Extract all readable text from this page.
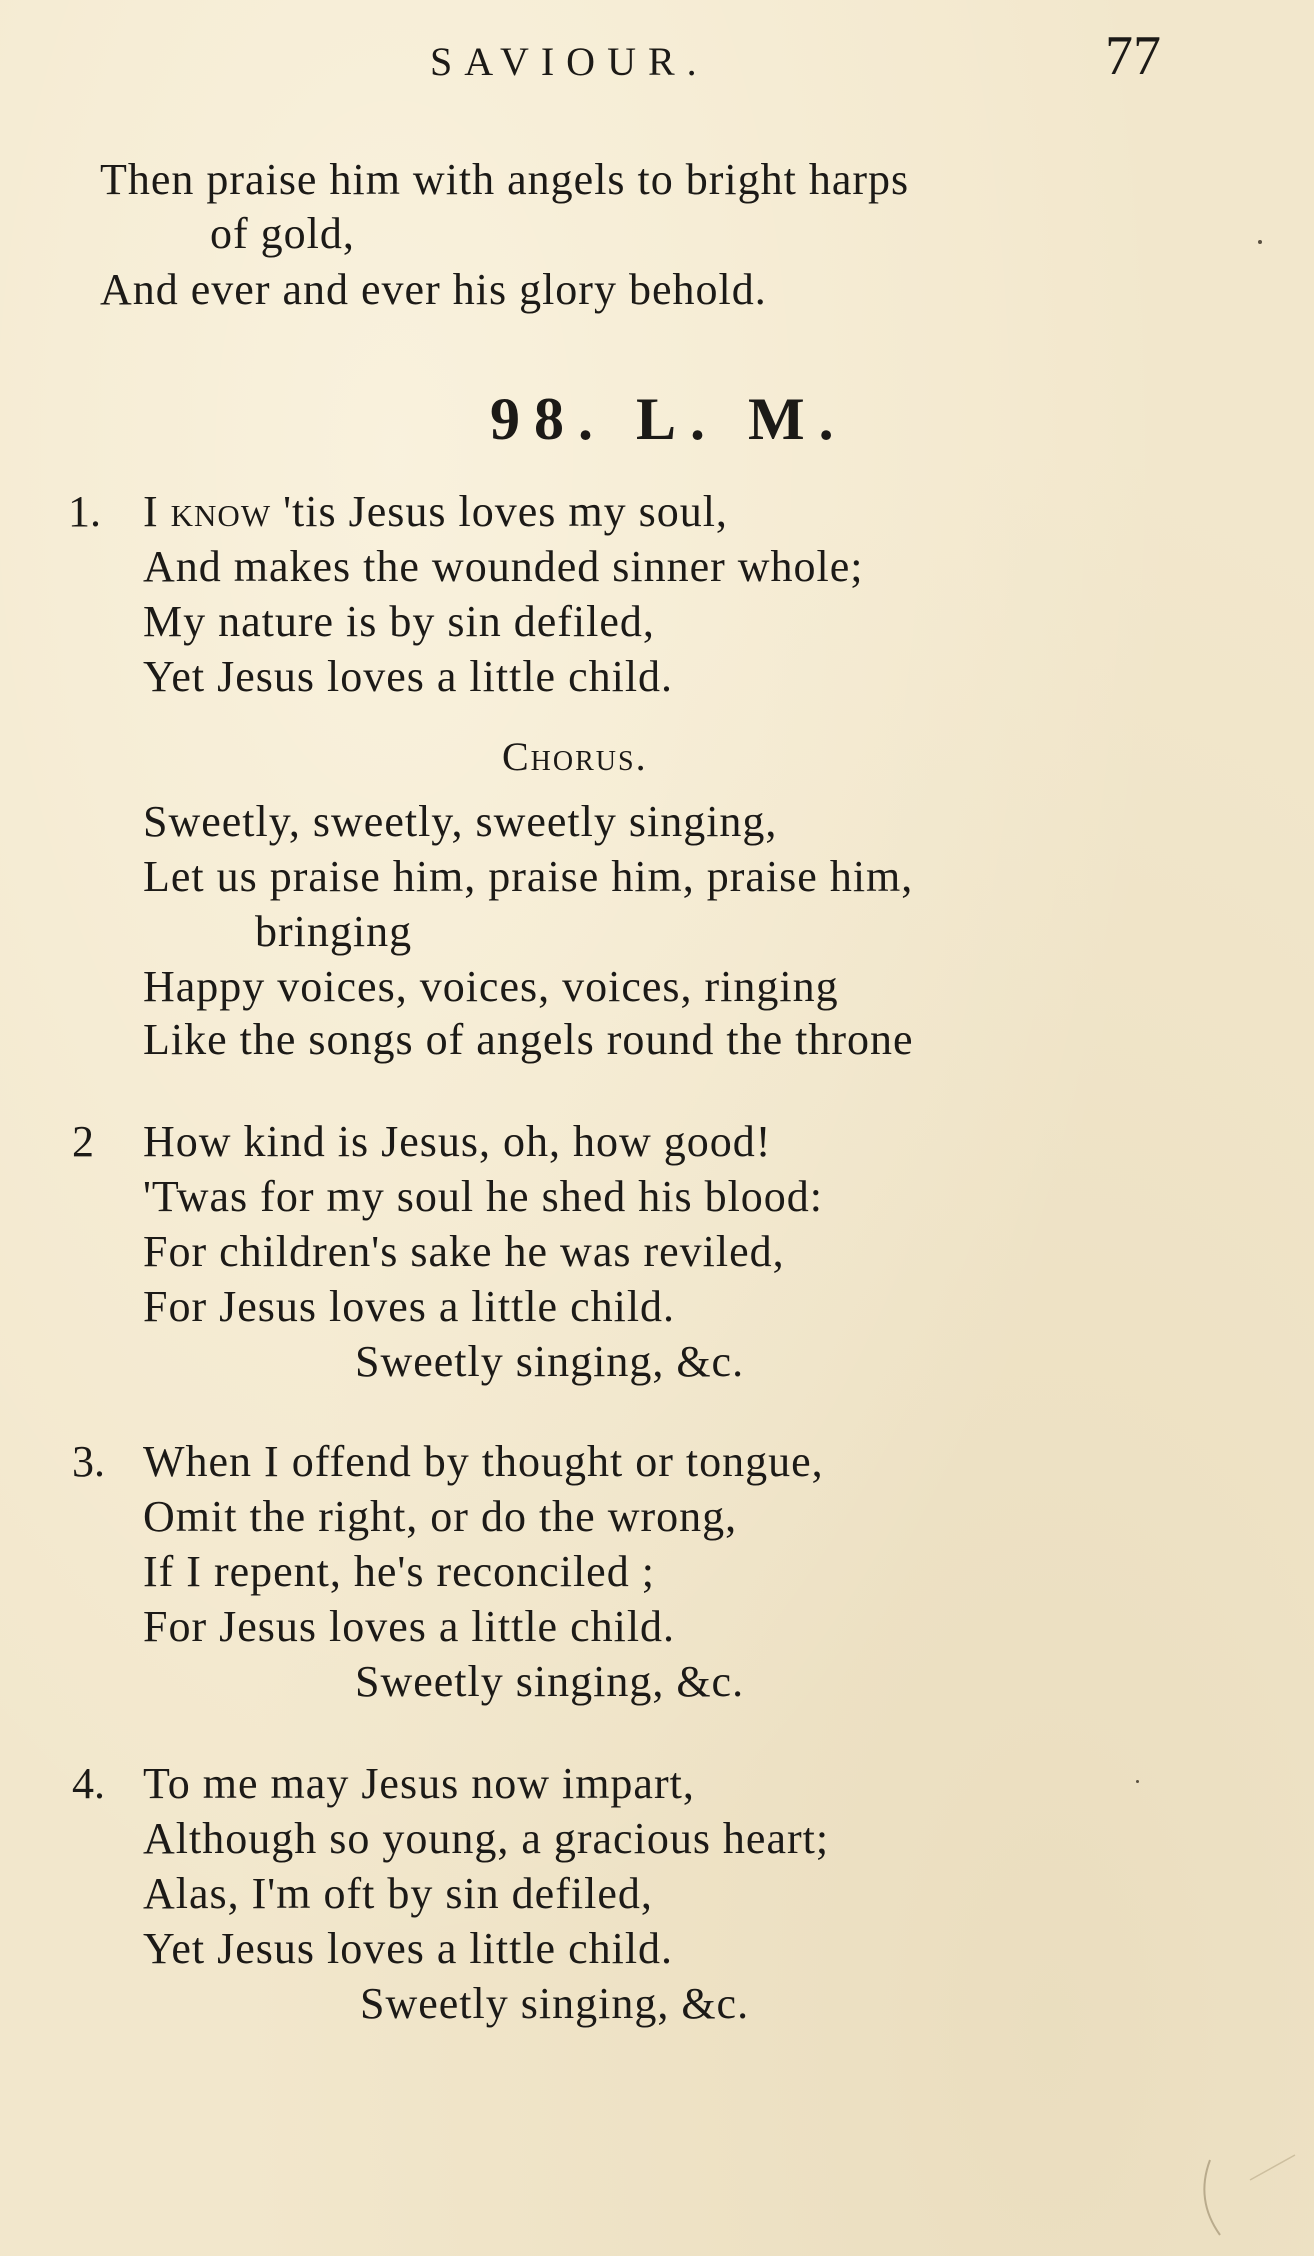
SAVIOUR.	77
Then praise him with angels to bright harps
of gold,
And ever and ever his glory behold.
98. L. M.
1. I know 'tis Jesus loves my soul,
And makes the wounded sinner whole;
My nature is by sin defiled,
Yet Jesus loves a little child.
Chorus.
Sweetly, sweetly, sweetly singing,
Let us praise him, praise him, praise him,
bringing
Happy voices, voices, voices, ringing
Like the songs of angels round the throne
2 How kind is Jesus, oh, how good!
'Twas for my soul he shed his blood:
For children's sake he was reviled,
For Jesus loves a little child.
Sweetly singing, &c.
3. When I offend by thought or tongue,
Omit the right, or do the wrong,
If I repent, he's reconciled ;
For Jesus loves a little child.
Sweetly singing, &c.
4. To me may Jesus now impart,
Although so young, a gracious heart;
Alas, I'm oft by sin defiled,
Yet Jesus loves a little child.
Sweetly singing, &c.
